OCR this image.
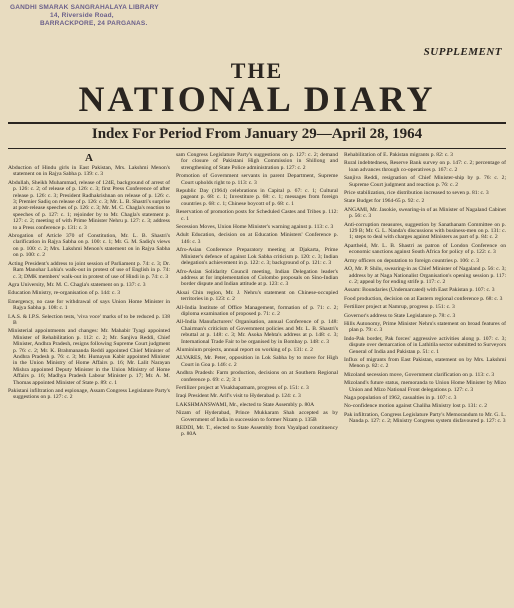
GANDHI SMARAK SANGRAHALAYA LIBRARY
14, Riverside Road,
BARRACKPORE, 24 PARGANAS.
SUPPLEMENT
THE
NATIONAL DIARY
Index For Period From January 29—April 28, 1964
A
Abduction of Hindu girls in East Pakistan, Mrs. Lakshmi Menon's statement on in Rajya Sabha p. 139: c. 3
Abdullah, Sheikh Muhammad, release of 124E, background of arrest of p. 126: c. 2; of release of p. 126: c. 3; first Press Conference of after release p. 126: c. 3; President Radhakrishnan on release of p. 126: c. 3; Premier Sadiq on release of p. 126: c. 3; Mr. L. B. Shastri's surprise at post-release speeches of p. 126: c. 3; Mr. M. C. Chagla's reaction to speeches of p. 127: c. 1; rejoinder by to Mr. Chagla's statement p. 127: c. 2; meeting of with Prime Minister Nehru p. 127: c. 3; address to a Press conference p. 131: c. 3
Abrogation of Article 370 of Constitution, Mr. L. B. Shastri's clarification in Rajya Sabha on p. 100: c. 1; Mr. G. M. Sadiq's views on p. 100: c. 2; Mrs. Lakshmi Menon's statement on in Rajya Sabha on p. 100: c. 2
Acting President's address to joint session of Parliament p. 74: c. 3; Dr. Ram Manohar Lohia's walk-out in protest of use of English in p. 74: c. 3; DMK members' walk-out in protest of use of Hindi in p. 74: c. 3
Agra University, Mr. M. C. Chagla's statement on p. 137: c. 3
Education Ministry, re-organisation of p. 144: c. 3
Emergency, no case for withdrawal of says Union Home Minister in Rajya Sabha p. 108: c. 1
I.A.S. & I.P.S. Selection tests, 'viva voce' marks of to be reduced p. 138 B
Ministerial appointments and changes: Mr. Mahabir Tyagi appointed Minister of Rehabilitation p. 112: c. 2; Mr. Sanjiva Reddi, Chief Minister, Andhra Pradesh, resigns following Supreme Court judgment p. 76: c. 2; Mr. K. Brahmananda Reddi appointed Chief Minister of Andhra Pradesh p. 76: c. 3; Mr. Humayun Kabir appointed Minister in the Union Ministry of Home Affairs p. 16; Mr. Lalit Narayan Mishra appointed Deputy Minister in the Union Ministry of Home Affairs p. 16; Madhya Pradesh Labour Minister p. 17; Mr. A. M. Thomas appointed Minister of State p. 89: c. 1
Pakistani infiltration and espionage, Assam Congress Legislature Party's suggestions on p. 127: c. 2
sam Congress Legislature Party's suggestions on p. 127: c. 2; demand for closure of Pakistani High Commission in Shillong and strengthening of State Police administration p. 127: c. 2
Promotion of Government servants in parent Department, Supreme Court upholds right to p. 113: c. 3
Republic Day (1964) celebrations in Capital p. 67: c. 1; Cultural pageant p. 68: c. 1; Investiture p. 68: c. 1; messages from foreign countries p. 68: c. 1; Chinese boycott of p. 68: c. 1
Reservation of promotion posts for Scheduled Castes and Tribes p. 112: c. 1
Secession Moves, Union Home Minister's warning against p. 113: c. 3
Adult Education, decision on at Education Ministers' Conference p. 146: c. 3
Afro-Asian Conference Preparatory meeting at Djakarta, Prime Minister's defence of against Lok Sabha criticism p. 120: c. 3; Indian delegation's achievement in p. 122: c. 3; background of p. 121: c. 3
Afro-Asian Solidarity Council meeting, Indian Delegation leader's address at for implementation of Colombo proposals on Sino-Indian border dispute and Indian attitude at p. 123: c. 3
Aksai Chin region, Mr. J. Nehru's statement on Chinese-occupied territories in p. 123: c. 2
All-India Institute of Office Management, formation of p. 71: c. 2; diploma examination of proposed p. 71: c. 2
All-India Manufacturers' Organisation, annual Conference of p. 148: Chairman's criticism of Government policies and Mr. L. B. Shastri's rebuttal at p. 148: c. 3; Mr. Asoka Mehta's address at p. 148: c. 3; International Trade Fair to be organised by in Bombay p. 148: c. 3
Aluminium projects, annual report on working of p. 131: c. 2
ALVARES, Mr. Peter, opposition in Lok Sabha by to move for High Court in Goa p. 146: c. 2
Andhra Pradesh: Farm production, decisions on at Southern Regional conference p. 69: c. 2; 3: 1
Fertilizer project at Visakhapatnam, progress of p. 151: c. 3
Iraqi President Mr. Arif's visit to Hyderabad p. 124: c. 3
LAKSHMANSWAMI, Mr., elected to State Assembly p. 80A
Nizam of Hyderabad, Prince Mukkaram Shah accepted as by Government of India in succession to former Nizam p. 135B
REDDI, Mr. T., elected to State Assembly from Vayalpad constituency p. 80A
Rehabilitation of E. Pakistan migrants p. 82: c. 3
Rural indebtedness, Reserve Bank survey on p. 147: c. 2; percentage of loan advances through co-operatives p. 167: c. 2
Sanjiva Reddi, resignation of Chief Minister-ship by p. 76: c. 2; Supreme Court judgment and reaction p. 76: c. 2
Price stabilization, rice distribution increased to seven p. 81: c. 3
State Budget for 1964-65 p. 92: c. 2
ANGAMI, Mr. Jasokie, swearing-in of as Minister of Nagaland Cabinet p. 56: c. 3
Anti-corruption measures, suggestion by Sanathanam Committee on p. 129 B; Mr. G. L. Nanda's discussions with business-men on p. 131: c. 1; steps to deal with charges against Ministers as part of p. 84: c. 2
Apartheid, Mr. L. B. Shastri as patron of London Conference on economic sanctions against South Africa for policy of p. 122: c. 3
Army officers on deputation to foreign countries p. 106: c. 3
AO, Mr. P. Shilu, swearing-in as Chief Minister of Nagaland p. 56: c. 3; address by at Naga Nationalist Organisation's opening session p. 117: c. 2; appeal by for ending strife p. 117: c. 2
Assam: Boundaries (Undemarcated) with East Pakistan p. 107: c. 3
Food production, decision on at Eastern regional conference p. 68: c. 3
Fertilizer project at Namrup, progress p. 151: c. 3
Governor's address to State Legislature p. 78: c. 3
Hills Autonomy, Prime Minister Nehru's statement on broad features of plan p. 79: c. 3
Indo-Pak border, Pak forces' aggressive activities along p. 107: c. 3; dispute over demarcation of in Lathitila sector submitted to Surveyors General of India and Pakistan p. 51: c. 1
Influx of migrants from East Pakistan, statement on by Mrs. Lakshmi Menon p. 82: c. 2
Mizoland secession move, Government clarification on p. 113: c. 3
Mizoland's future status, memoranda to Union Home Minister by Mizo Union and Mizo National Front delegations p. 127: c. 3
Naga population of 1962, casualties in p. 107: c. 3
No-confidence motion against Chaliha Ministry lost p. 131: c. 2
Pak infiltration, Congress Legislature Party's Memorandum to Mr. G. L. Nanda p. 127: c. 2; Ministry Congress system disfavoured p. 127: c. 3
